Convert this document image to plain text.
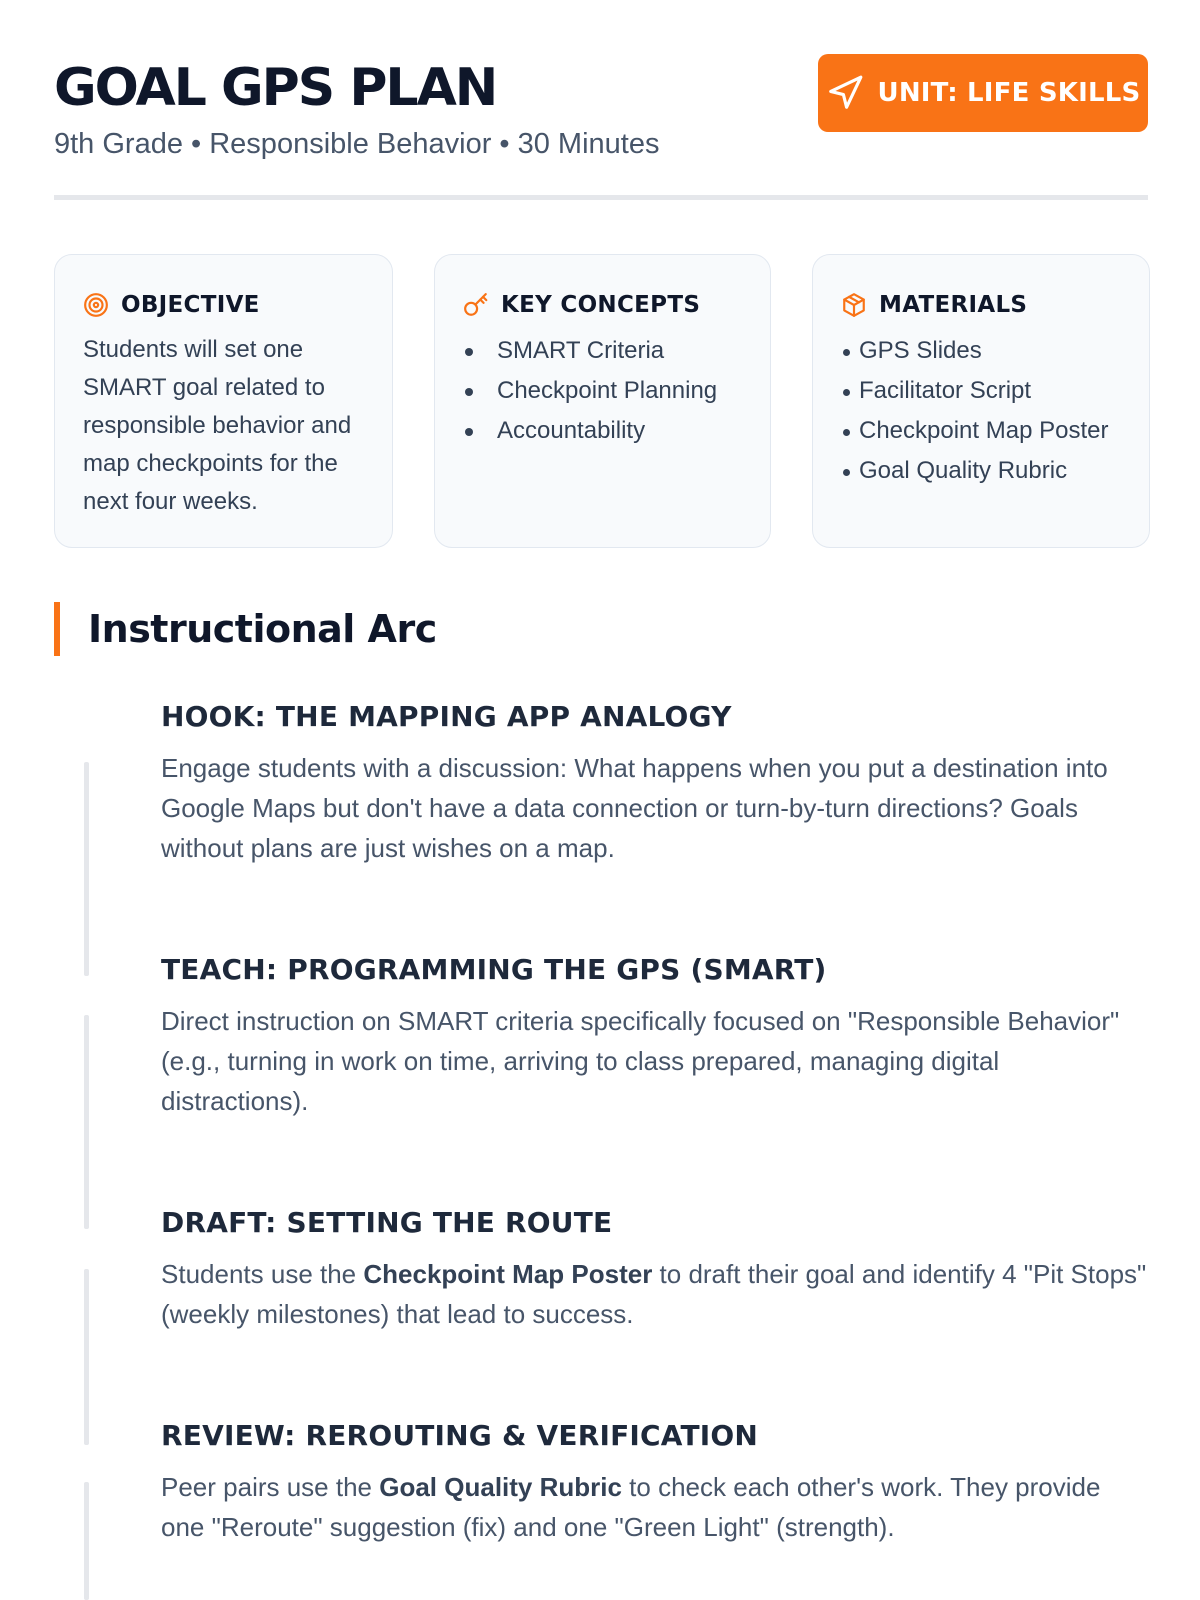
GOAL GPS PLAN
9th Grade • Responsible Behavior • 30 Minutes
UNIT: LIFE SKILLS
OBJECTIVE

Students will set one SMART goal related to responsible behavior and map checkpoints for the next four weeks.

KEY CONCEPTS
SMART Criteria
Checkpoint Planning
Accountability
MATERIALS
GPS Slides
Facilitator Script
Checkpoint Map Poster
Goal Quality Rubric
Instructional Arc
HOOK: THE MAPPING APP ANALOGY

Engage students with a discussion: What happens when you put a destination into Google Maps but don't have a data connection or turn-by-turn directions? Goals without plans are just wishes on a map.

TEACH: PROGRAMMING THE GPS (SMART)

Direct instruction on SMART criteria specifically focused on "Responsible Behavior" (e.g., turning in work on time, arriving to class prepared, managing digital distractions).

DRAFT: SETTING THE ROUTE

Students use the Checkpoint Map Poster to draft their goal and identify 4 "Pit Stops" (weekly milestones) that lead to success.

REVIEW: REROUTING & VERIFICATION

Peer pairs use the Goal Quality Rubric to check each other's work. They provide one "Reroute" suggestion (fix) and one "Green Light" (strength).
